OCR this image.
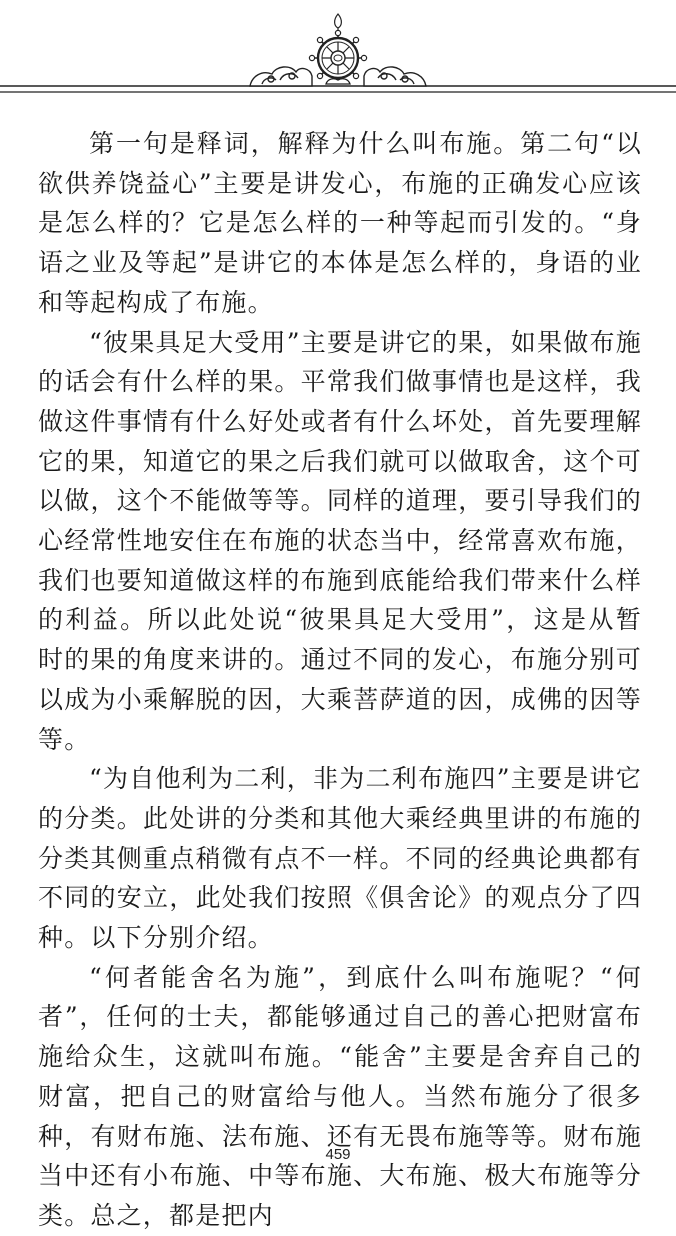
第一句是释词，解释为什么叫布施。第二句“以欲供养饶益心”主要是讲发心，布施的正确发心应该是怎么样的？它是怎么样的一种等起而引发的。“身语之业及等起”是讲它的本体是怎么样的，身语的业和等起构成了布施。

“彼果具足大受用”主要是讲它的果，如果做布施的话会有什么样的果。平常我们做事情也是这样，我做这件事情有什么好处或者有什么坏处，首先要理解它的果，知道它的果之后我们就可以做取舍，这个可以做，这个不能做等等。同样的道理，要引导我们的心经常性地安住在布施的状态当中，经常喜欢布施，我们也要知道做这样的布施到底能给我们带来什么样的利益。所以此处说“彼果具足大受用”，这是从暂时的果的角度来讲的。通过不同的发心，布施分别可以成为小乘解脱的因，大乘菩萨道的因，成佛的因等等。

“为自他利为二利，非为二利布施四”主要是讲它的分类。此处讲的分类和其他大乘经典里讲的布施的分类其侧重点稍微有点不一样。不同的经典论典都有不同的安立，此处我们按照《俱舍论》的观点分了四种。以下分别介绍。

“何者能舍名为施”，到底什么叫布施呢？“何者”，任何的士夫，都能够通过自己的善心把财富布施给众生，这就叫布施。“能舍”主要是舍弃自己的财富，把自己的财富给与他人。当然布施分了很多种，有财布施、法布施、还有无畏布施等等。财布施当中还有小布施、中等布施、大布施、极大布施等分类。总之，都是把内

459
